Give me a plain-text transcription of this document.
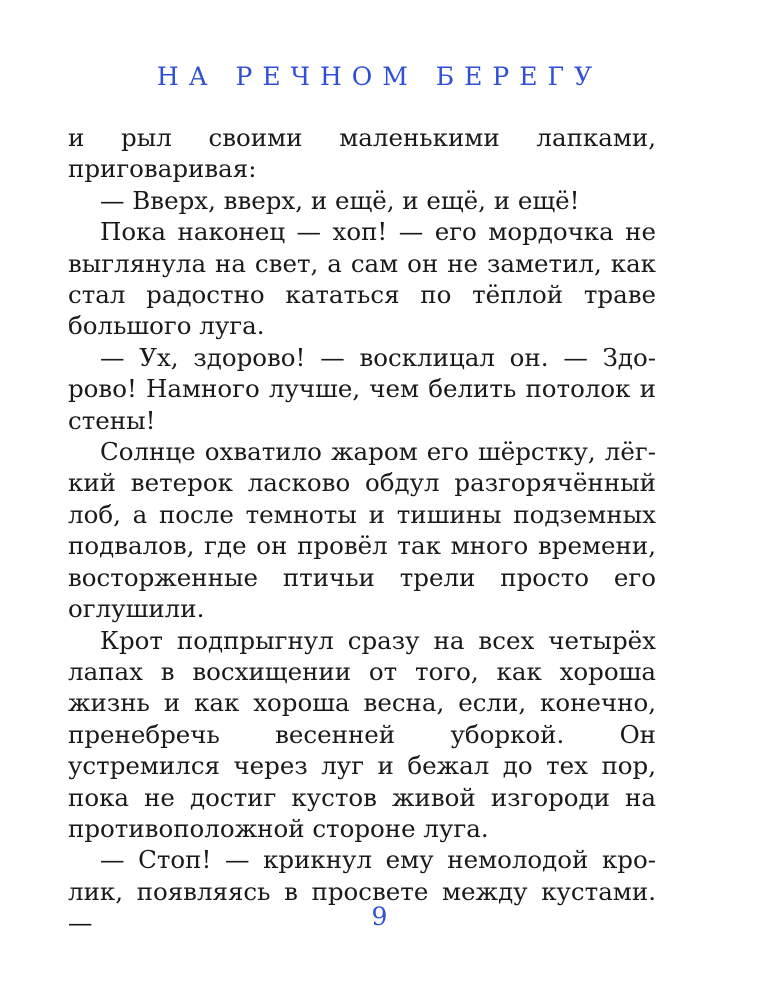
НА РЕЧНОМ БЕРЕГУ

и рыл своими маленькими лапками, приговаривая:

— Вверх, вверх, и ещё, и ещё, и ещё!

Пока наконец — хоп! — его мордочка не выглянула на свет, а сам он не заметил, как стал радостно кататься по тёплой траве большого луга.

— Ух, здорово! — восклицал он. — Здорово! Намного лучше, чем белить потолок и стены!

Солнце охватило жаром его шёрстку, лёгкий ветерок ласково обдул разгорячённый лоб, а после темноты и тишины подземных подвалов, где он провёл так много времени, восторженные птичьи трели просто его оглушили.

Крот подпрыгнул сразу на всех четырёх лапах в восхищении от того, как хороша жизнь и как хороша весна, если, конечно, пренебречь весенней уборкой. Он устремился через луг и бежал до тех пор, пока не достиг кустов живой изгороди на противоположной стороне луга.

— Стоп! — крикнул ему немолодой кролик, появляясь в просвете между кустами. —	9
